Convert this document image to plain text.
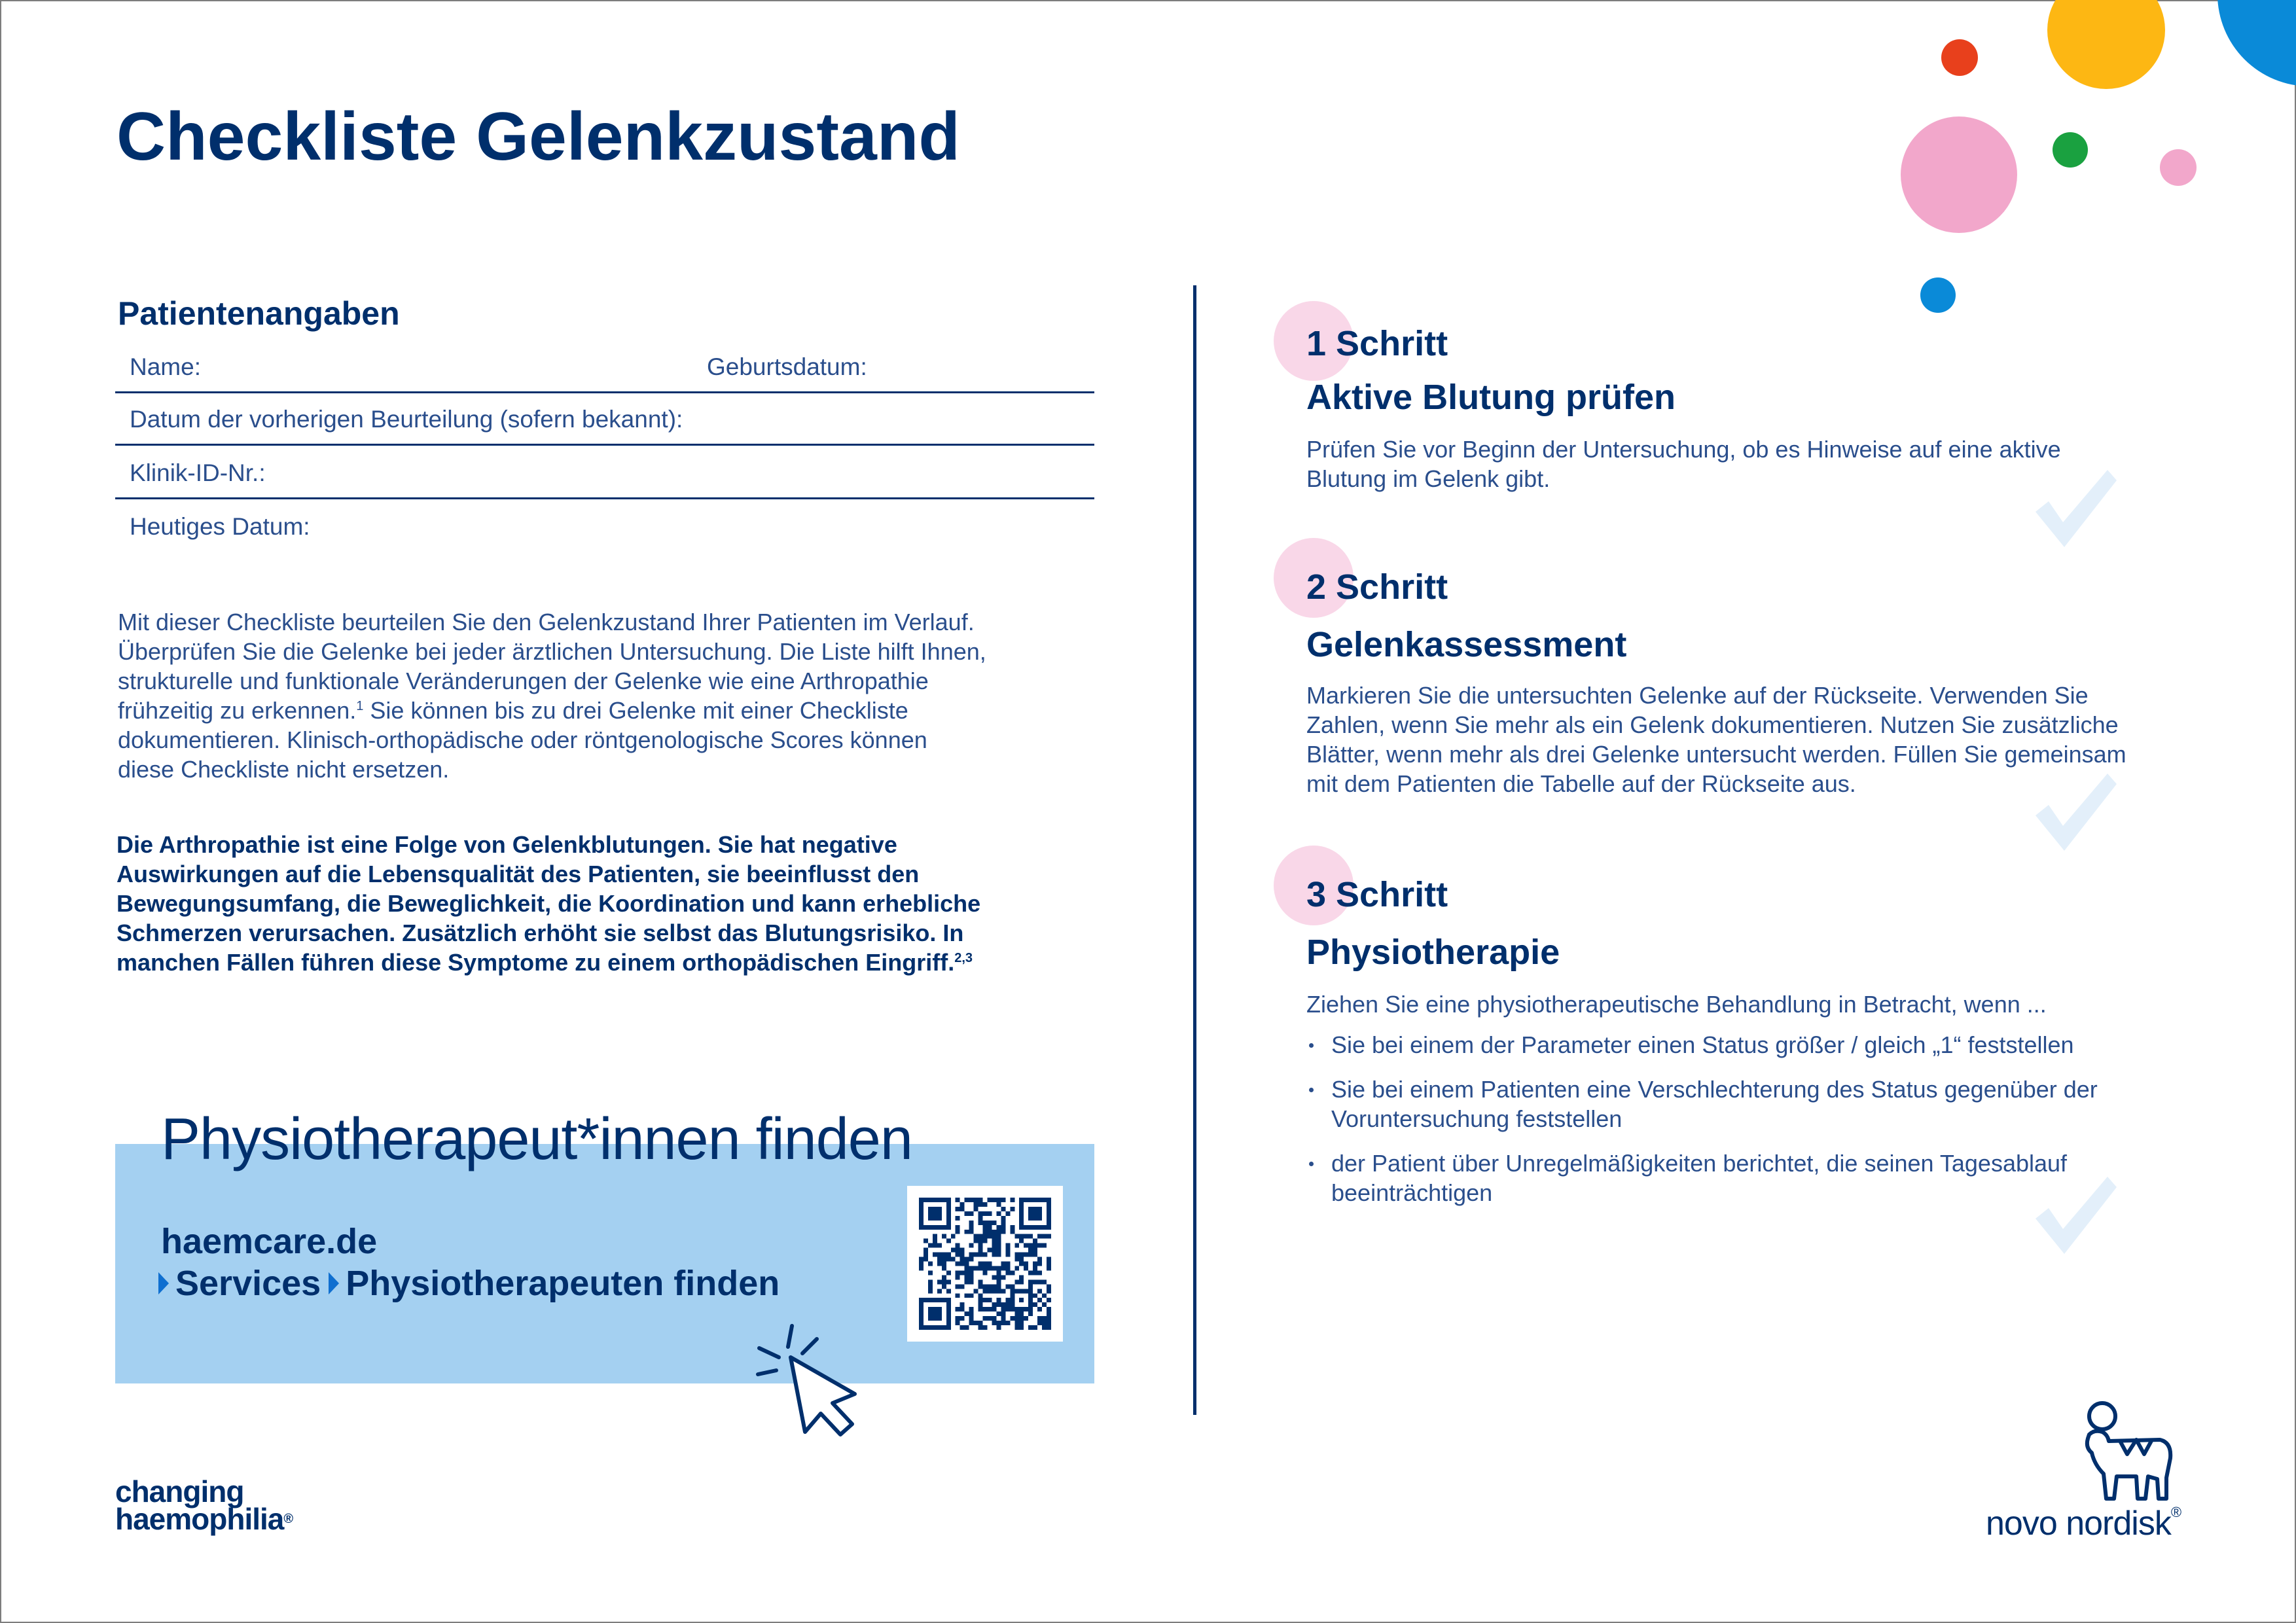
Checkliste Gelenkzustand
Patientenangaben
Name:	Geburtsdatum:
Datum der vorherigen Beurteilung (sofern bekannt):
Klinik-ID-Nr.:
Heutiges Datum:

Mit dieser Checkliste beurteilen Sie den Gelenkzustand Ihrer Patienten im Verlauf.

Überprüfen Sie die Gelenke bei jeder ärztlichen Untersuchung. Die Liste hilft Ihnen,

strukturelle und funktionale Veränderungen der Gelenke wie eine Arthropathie

frühzeitig zu erkennen.$^1$ Sie können bis zu drei Gelenke mit einer Checkliste

dokumentieren. Klinisch-orthopädische oder röntgenologische Scores können

diese Checkliste nicht ersetzen.

Die Arthropathie ist eine Folge von Gelenkblutungen. Sie hat negative

Auswirkungen auf die Lebensqualität des Patienten, sie beeinflusst den

Bewegungsumfang, die Beweglichkeit, die Koordination und kann erhebliche

Schmerzen verursachen. Zusätzlich erhöht sie selbst das Blutungsrisiko. In

manchen Fällen führen diese Symptome zu einem orthopädischen Eingriff.$^{2,3}$

Physiotherapeut*innen finden
haemcare.de
Services Physiotherapeuten finden
1 Schritt
Aktive Blutung prüfen

Prüfen Sie vor Beginn der Untersuchung, ob es Hinweise auf eine aktive

Blutung im Gelenk gibt.

2 Schritt
Gelenkassessment

Markieren Sie die untersuchten Gelenke auf der Rückseite. Verwenden Sie

Zahlen, wenn Sie mehr als ein Gelenk dokumentieren. Nutzen Sie zusätzliche

Blätter, wenn mehr als drei Gelenke untersucht werden. Füllen Sie gemeinsam

mit dem Patienten die Tabelle auf der Rückseite aus.

3 Schritt
Physiotherapie

Ziehen Sie eine physiotherapeutische Behandlung in Betracht, wenn ...

Sie bei einem der Parameter einen Status größer / gleich „1“ feststellen
Sie bei einem Patienten eine Verschlechterung des Status gegenüber der Voruntersuchung feststellen
der Patient über Unregelmäßigkeiten berichtet, die seinen Tagesablauf beeinträchtigen
changing
haemophilia®	novo nordisk®
